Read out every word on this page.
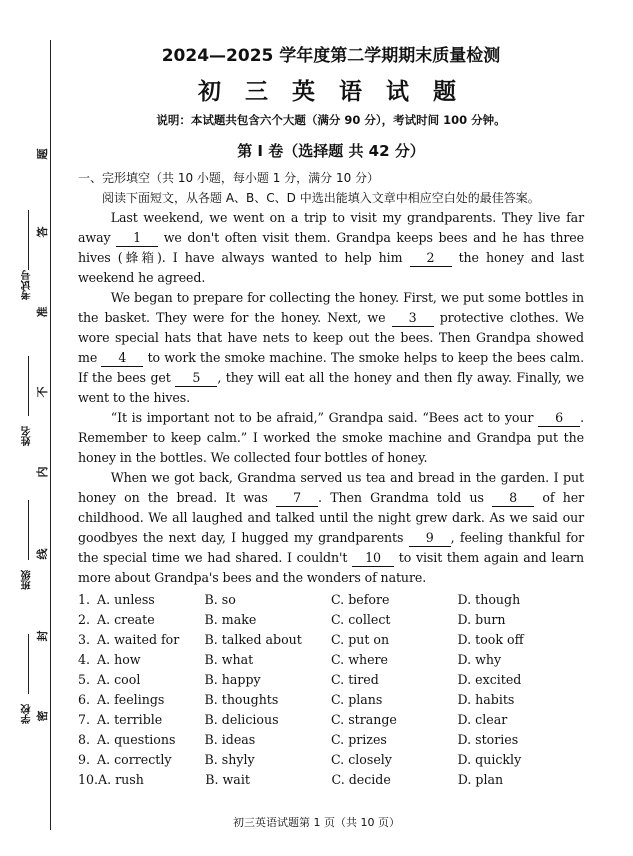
题
答
准
不
内
线
封
密
考试号
姓名
班级
学校
2024—2025 学年度第二学期期末质量检测
初 三 英 语 试 题

说明：本试题共包含六个大题（满分 90 分），考试时间 100 分钟。

第 I 卷（选择题 共 42 分）

一、完形填空（共 10 小题，每小题 1 分，满分 10 分）

阅读下面短文，从各题 A、B、C、D 中选出能填入文章中相应空白处的最佳答案。

Last weekend, we went on a trip to visit my grandparents. They live far away 1 we don't often visit them. Grandpa keeps bees and he has three hives (蜂箱). I have always wanted to help him 2 the honey and last weekend he agreed.

We began to prepare for collecting the honey. First, we put some bottles in the basket. They were for the honey. Next, we 3 protective clothes. We wore special hats that have nets to keep out the bees. Then Grandpa showed me 4 to work the smoke machine. The smoke helps to keep the bees calm. If the bees get 5 , they will eat all the honey and then fly away. Finally, we went to the hives.

“It is important not to be afraid,” Grandpa said. “Bees act to your 6 . Remember to keep calm.” I worked the smoke machine and Grandpa put the honey in the bottles. We collected four bottles of honey.

When we got back, Grandma served us tea and bread in the garden. I put honey on the bread. It was 7 . Then Grandma told us 8 of her childhood. We all laughed and talked until the night grew dark. As we said our goodbyes the next day, I hugged my grandparents 9 , feeling thankful for the special time we had shared. I couldn't 10 to visit them again and learn more about Grandpa's bees and the wonders of nature.

1. A. unless	B. so	C. before	D. though
2. A. create	B. make	C. collect	D. burn
3. A. waited for	B. talked about	C. put on	D. took off
4. A. how	B. what	C. where	D. why
5. A. cool	B. happy	C. tired	D. excited
6. A. feelings	B. thoughts	C. plans	D. habits
7. A. terrible	B. delicious	C. strange	D. clear
8. A. questions	B. ideas	C. prizes	D. stories
9. A. correctly	B. shyly	C. closely	D. quickly
10. A. rush	B. wait	C. decide	D. plan
初三英语试题第 1 页（共 10 页）
